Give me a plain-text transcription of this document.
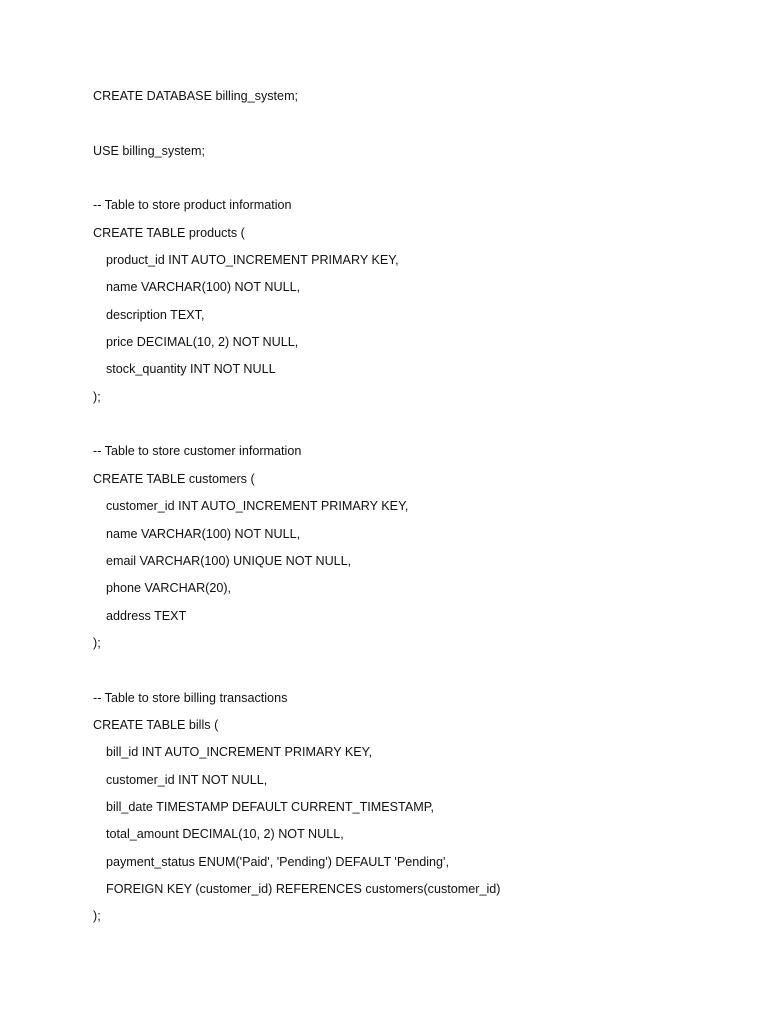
CREATE DATABASE billing_system;
USE billing_system;
-- Table to store product information
CREATE TABLE products (
product_id INT AUTO_INCREMENT PRIMARY KEY,
name VARCHAR(100) NOT NULL,
description TEXT,
price DECIMAL(10, 2) NOT NULL,
stock_quantity INT NOT NULL
);
-- Table to store customer information
CREATE TABLE customers (
customer_id INT AUTO_INCREMENT PRIMARY KEY,
name VARCHAR(100) NOT NULL,
email VARCHAR(100) UNIQUE NOT NULL,
phone VARCHAR(20),
address TEXT
);
-- Table to store billing transactions
CREATE TABLE bills (
bill_id INT AUTO_INCREMENT PRIMARY KEY,
customer_id INT NOT NULL,
bill_date TIMESTAMP DEFAULT CURRENT_TIMESTAMP,
total_amount DECIMAL(10, 2) NOT NULL,
payment_status ENUM('Paid', 'Pending') DEFAULT 'Pending',
FOREIGN KEY (customer_id) REFERENCES customers(customer_id)
);
